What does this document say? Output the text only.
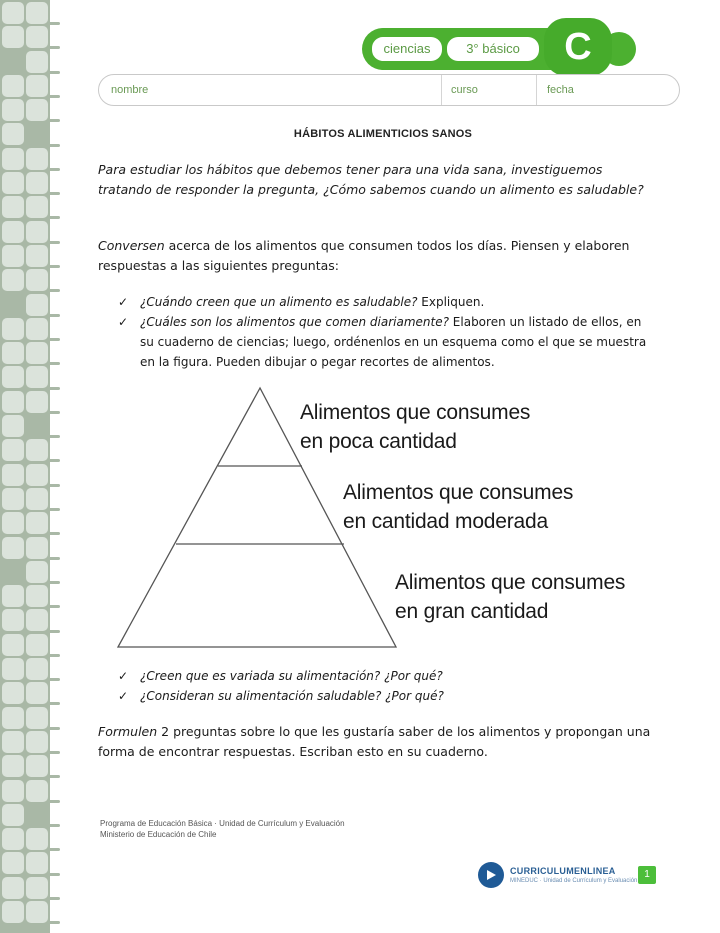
ciencias	3° básico	C
nombre	curso	fecha
HÁBITOS ALIMENTICIOS SANOS

Para estudiar los hábitos que debemos tener para una vida sana, investiguemos tratando de responder la pregunta, ¿Cómo sabemos cuando un alimento es saludable?

Conversen acerca de los alimentos que consumen todos los días. Piensen y elaboren respuestas a las siguientes preguntas:

✓ ¿Cuándo creen que un alimento es saludable? Expliquen.
✓ ¿Cuáles son los alimentos que comen diariamente? Elaboren un listado de ellos, en su cuaderno de ciencias; luego, ordénenlos en un esquema como el que se muestra en la figura. Pueden dibujar o pegar recortes de alimentos.
Alimentos que consumes
en poca cantidad
Alimentos que consumes
en cantidad moderada
Alimentos que consumes
en gran cantidad
✓ ¿Creen que es variada su alimentación? ¿Por qué?
✓ ¿Consideran su alimentación saludable? ¿Por qué?

Formulen 2 preguntas sobre lo que les gustaría saber de los alimentos y propongan una forma de encontrar respuestas. Escriban esto en su cuaderno.

Programa de Educación Básica · Unidad de Currículum y Evaluación
Ministerio de Educación de Chile
CURRICULUMENLINEA
MINEDUC · Unidad de Currículum y Evaluación
1
